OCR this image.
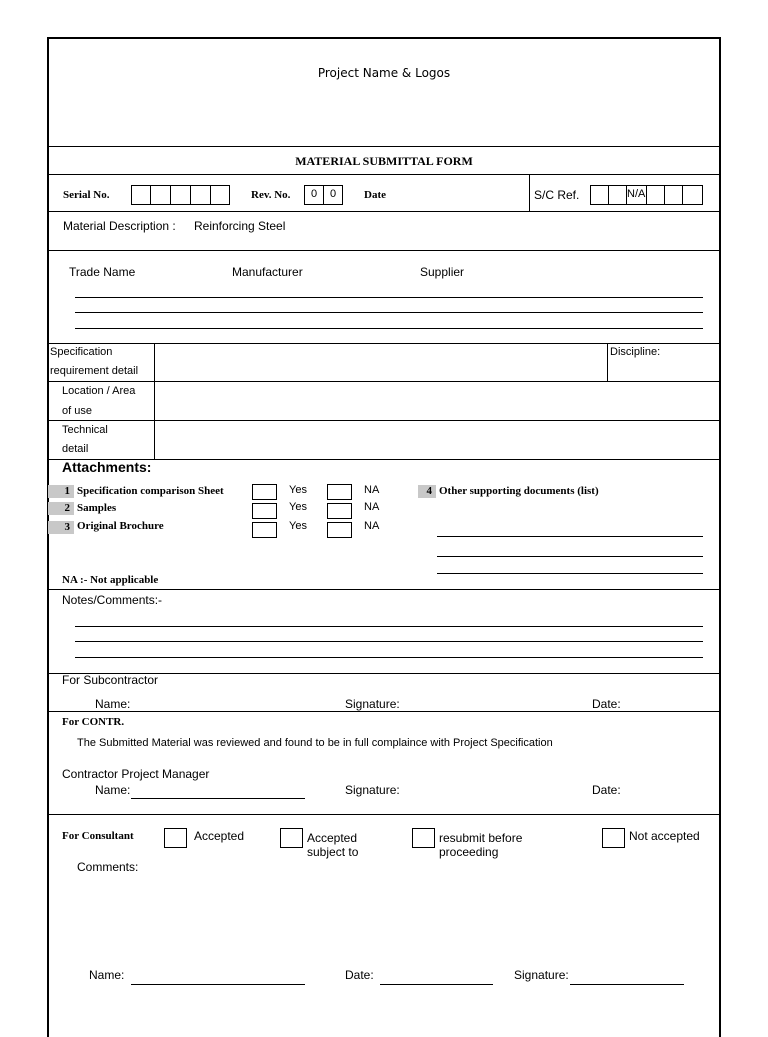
Project Name & Logos
MATERIAL SUBMITTAL FORM
Serial No.	Rev. No.	0	0	Date	S/C Ref.	N/A
Material Description : Reinforcing Steel
Trade Name	Manufacturer	Supplier
Specification
requirement detail
Discipline:
Location / Area
of use
Technical
detail
Attachments:
1 Specification comparison Sheet	Yes	NA
2 Samples	Yes	NA
3 Original Brochure	Yes	NA
4 Other supporting documents (list)
NA :- Not applicable
Notes/Comments:-
For Subcontractor
Name:	Signature:	Date:
For CONTR.
The Submitted Material was reviewed and found to be in full complaince with Project Specification
Contractor Project Manager
Name:	Signature:	Date:
For Consultant	Accepted	Accepted
subject to
resubmit before
proceeding
Not accepted
Comments:
Name:	Date:	Signature:
